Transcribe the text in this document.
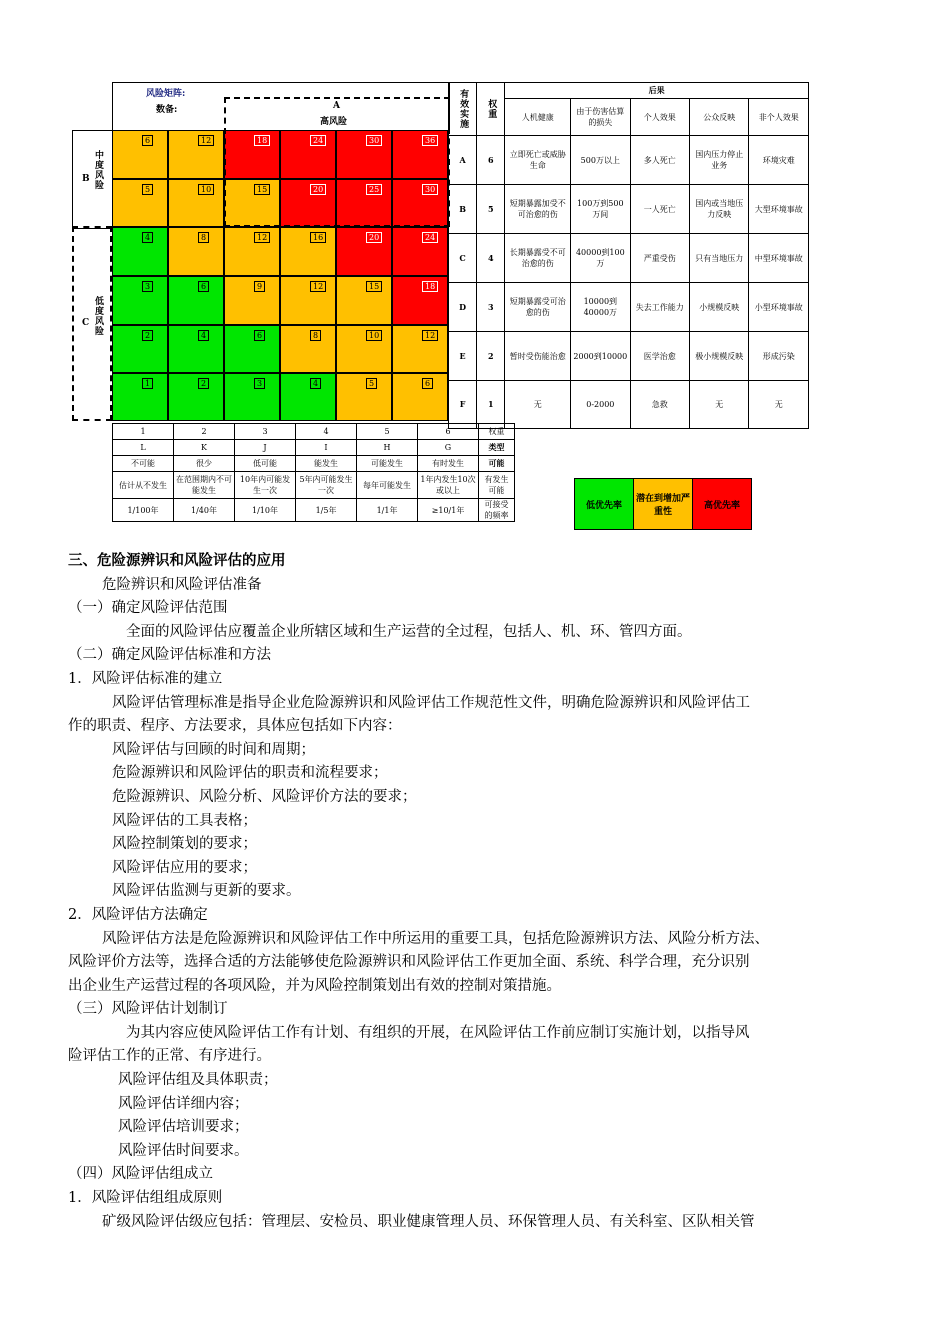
风险矩阵:
数备:	A
高风险
B 中度风险
C 低度风险
6	12	18	24	30	36
5	10	15	20	25	30
4	8	12	16	20	24
3	6	9	12	15	18
2	4	6	8	10	12
1	2	3	4	5	6
1	2	3	4	5	6	权重
L	K	J	I	H	G	类型
不可能	很少	低可能	能发生	可能发生	有时发生	可能
估计从不发生	在范围期内不可能发生	10年内可能发生一次	5年内可能发生一次	每年可能发生	1年内发生10次或以上	有发生可能
1/100年	1/40年	1/10年	1/5年	1/1年	≥10/1年	可接受的频率
有效实施	权重	后果				
		人机健康	由于伤害估算的损失	个人效果	公众反映	非个人效果
A	6	立即死亡或威胁生命	500万以上	多人死亡	国内压力停止业务	环境灾难
B	5	短期暴露加受不可治愈的伤	100万到500万间	一人死亡	国内或当地压力反映	大型环境事故
C	4	长期暴露受不可治愈的伤	40000到100万	严重受伤	只有当地压力	中型环境事故
D	3	短期暴露受可治愈的伤	10000到40000万	失去工作能力	小规模反映	小型环境事故
E	2	暂时受伤能治愈	2000到10000	医学治愈	极小规模反映	形成污染
F	1	无	0-2000	急救	无	无
低优先率
潜在到增加严重性
高优先率

三、危险源辨识和风险评估的应用

危险辨识和风险评估准备

（一）确定风险评估范围

全面的风险评估应覆盖企业所辖区域和生产运营的全过程，包括人、机、环、管四方面。

（二）确定风险评估标准和方法

1．风险评估标准的建立

风险评估管理标准是指导企业危险源辨识和风险评估工作规范性文件，明确危险源辨识和风险评估工

作的职责、程序、方法要求，具体应包括如下内容：

风险评估与回顾的时间和周期；

危险源辨识和风险评估的职责和流程要求；

危险源辨识、风险分析、风险评价方法的要求；

风险评估的工具表格；

风险控制策划的要求；

风险评估应用的要求；

风险评估监测与更新的要求。

2．风险评估方法确定

风险评估方法是危险源辨识和风险评估工作中所运用的重要工具，包括危险源辨识方法、风险分析方法、

风险评价方法等，选择合适的方法能够使危险源辨识和风险评估工作更加全面、系统、科学合理，充分识别

出企业生产运营过程的各项风险，并为风险控制策划出有效的控制对策措施。

（三）风险评估计划制订

为其内容应使风险评估工作有计划、有组织的开展，在风险评估工作前应制订实施计划，以指导风

险评估工作的正常、有序进行。

风险评估组及具体职责；

风险评估详细内容；

风险评估培训要求；

风险评估时间要求。

（四）风险评估组成立

1．风险评估组组成原则

矿级风险评估级应包括：管理层、安检员、职业健康管理人员、环保管理人员、有关科室、区队相关管
